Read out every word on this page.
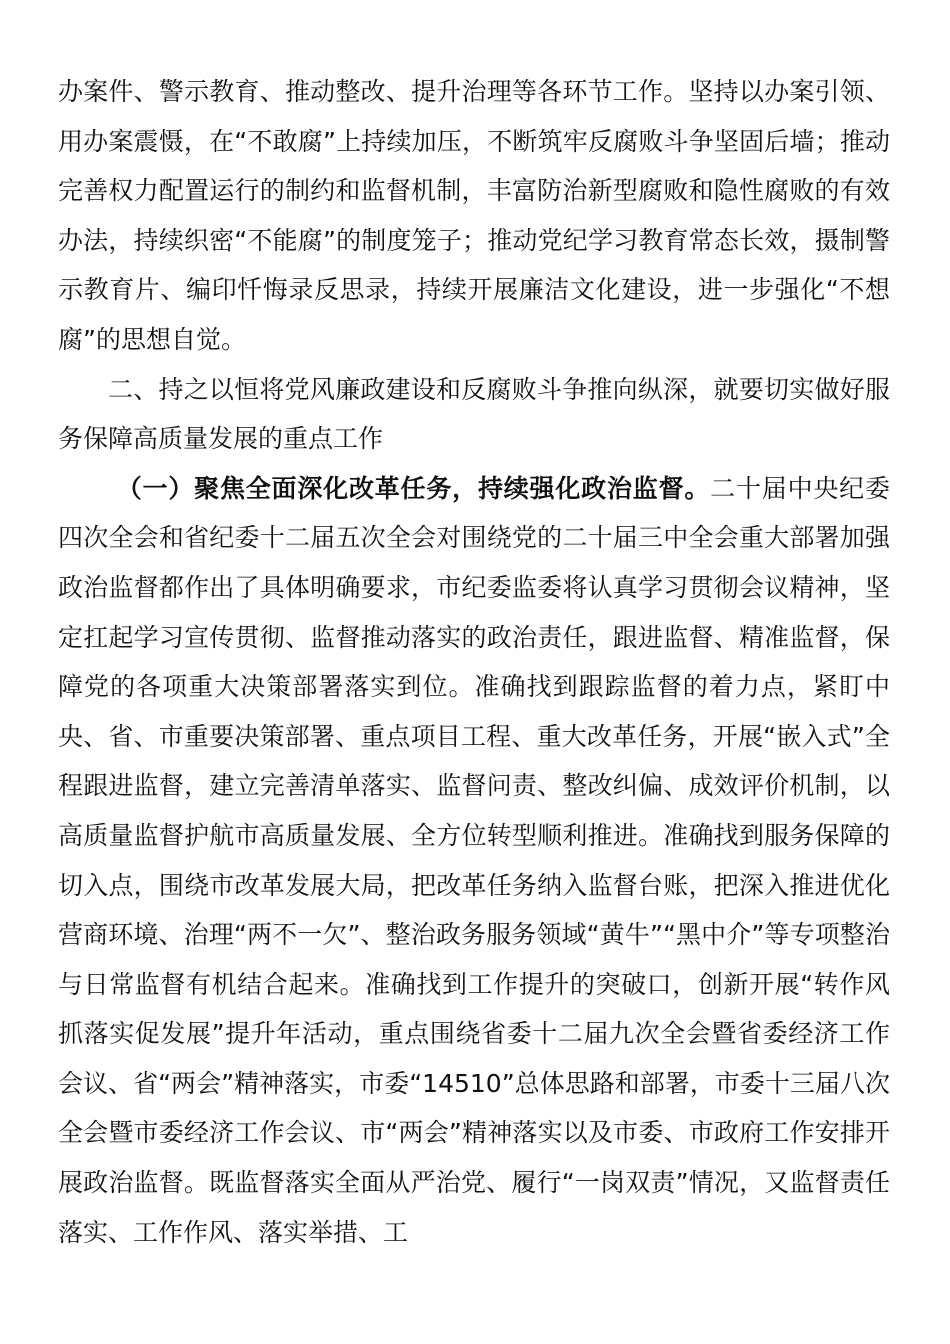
办案件、警示教育、推动整改、提升治理等各环节工作。坚持以办案引领、用办案震慑，在“不敢腐”上持续加压，不断筑牢反腐败斗争坚固后墙；推动完善权力配置运行的制约和监督机制，丰富防治新型腐败和隐性腐败的有效办法，持续织密“不能腐”的制度笼子；推动党纪学习教育常态长效，摄制警示教育片、编印忏悔录反思录，持续开展廉洁文化建设，进一步强化“不想腐”的思想自觉。

二、持之以恒将党风廉政建设和反腐败斗争推向纵深，就要切实做好服务保障高质量发展的重点工作

（一）聚焦全面深化改革任务，持续强化政治监督。二十届中央纪委四次全会和省纪委十二届五次全会对围绕党的二十届三中全会重大部署加强政治监督都作出了具体明确要求，市纪委监委将认真学习贯彻会议精神，坚定扛起学习宣传贯彻、监督推动落实的政治责任，跟进监督、精准监督，保障党的各项重大决策部署落实到位。准确找到跟踪监督的着力点，紧盯中央、省、市重要决策部署、重点项目工程、重大改革任务，开展“嵌入式”全程跟进监督，建立完善清单落实、监督问责、整改纠偏、成效评价机制，以高质量监督护航市高质量发展、全方位转型顺利推进。准确找到服务保障的切入点，围绕市改革发展大局，把改革任务纳入监督台账，把深入推进优化营商环境、治理“两不一欠”、整治政务服务领域“黄牛”“黑中介”等专项整治与日常监督有机结合起来。准确找到工作提升的突破口，创新开展“转作风抓落实促发展”提升年活动，重点围绕省委十二届九次全会暨省委经济工作会议、省“两会”精神落实，市委“14510”总体思路和部署，市委十三届八次全会暨市委经济工作会议、市“两会”精神落实以及市委、市政府工作安排开展政治监督。既监督落实全面从严治党、履行“一岗双责”情况，又监督责任落实、工作作风、落实举措、工
